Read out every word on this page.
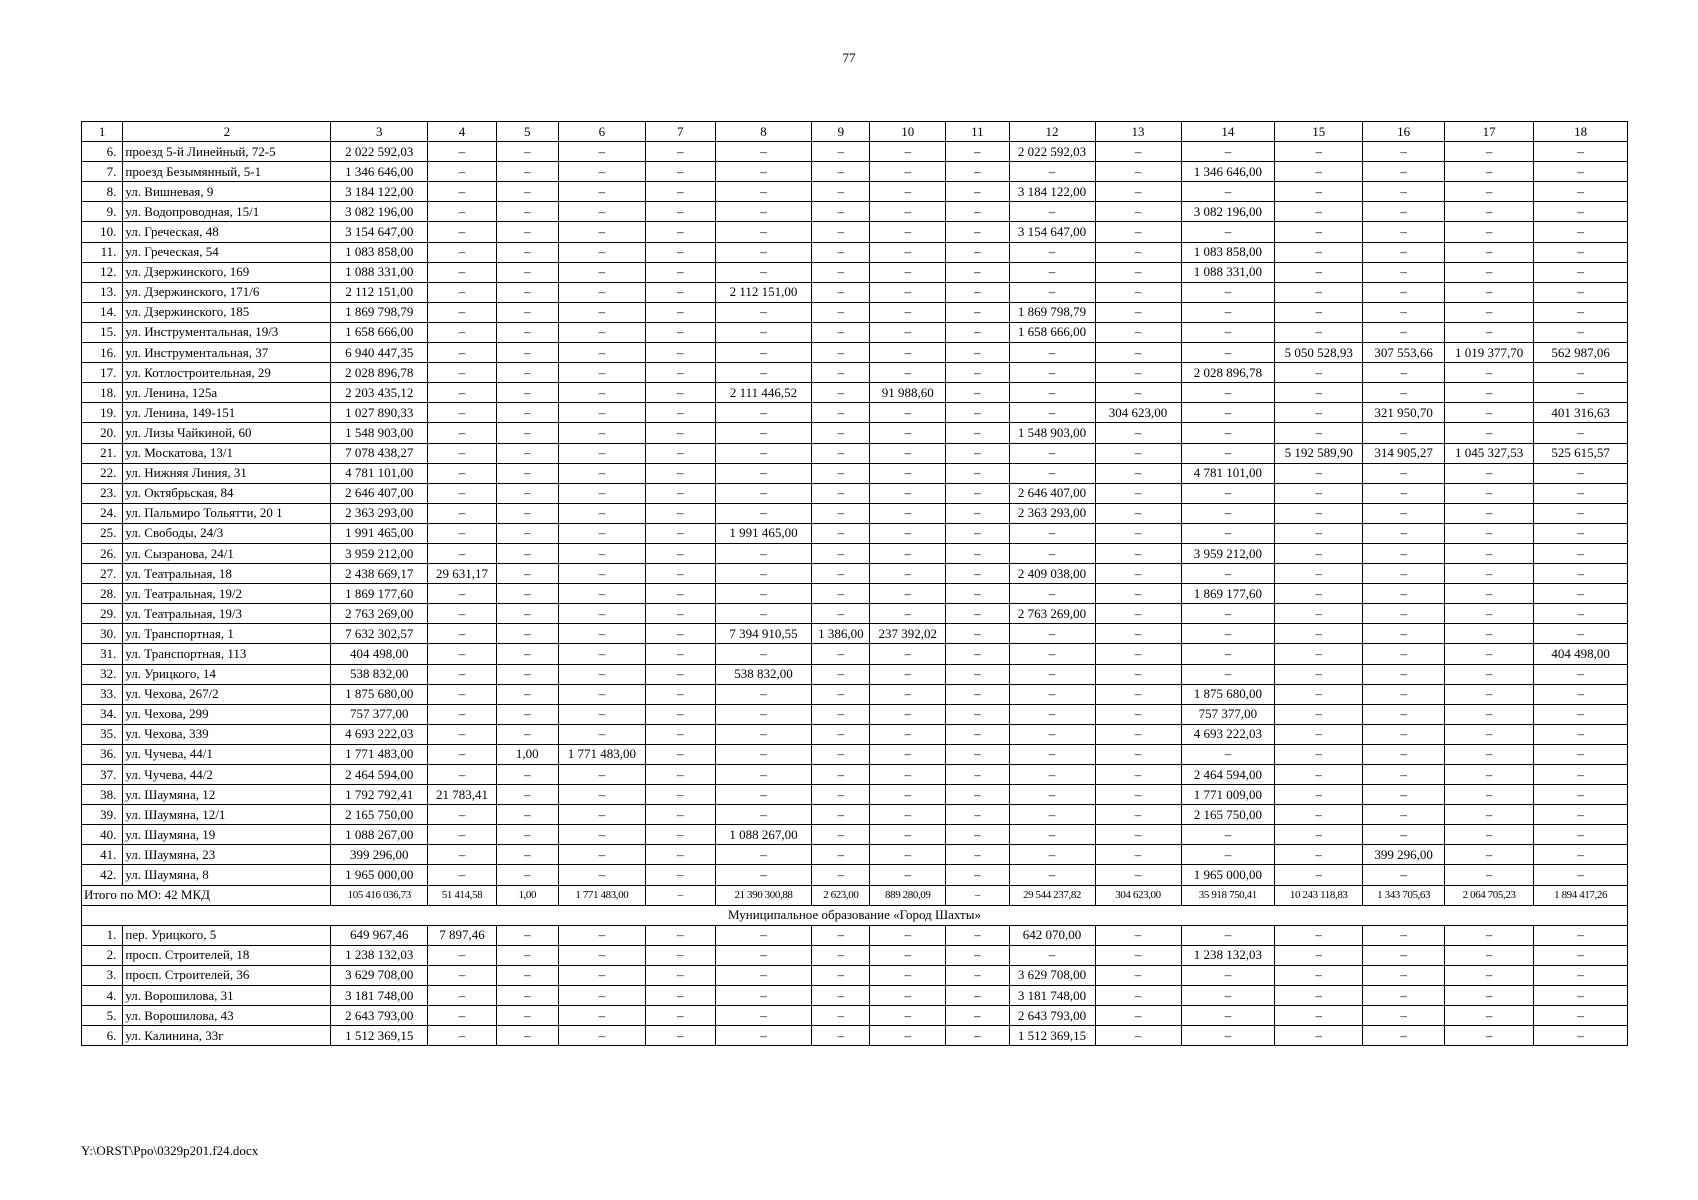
77
1	2	3	4	5	6	7	8	9	10	11	12	13	14	15	16	17	18
6.	проезд 5-й Линейный, 72-5	2 022 592,03	–	–	–	–	–	–	–	–	2 022 592,03	–	–	–	–	–	–
7.	проезд Безымянный, 5-1	1 346 646,00	–	–	–	–	–	–	–	–	–	–	1 346 646,00	–	–	–	–
8.	ул. Вишневая, 9	3 184 122,00	–	–	–	–	–	–	–	–	3 184 122,00	–	–	–	–	–	–
9.	ул. Водопроводная, 15/1	3 082 196,00	–	–	–	–	–	–	–	–	–	–	3 082 196,00	–	–	–	–
10.	ул. Греческая, 48	3 154 647,00	–	–	–	–	–	–	–	–	3 154 647,00	–	–	–	–	–	–
11.	ул. Греческая, 54	1 083 858,00	–	–	–	–	–	–	–	–	–	–	1 083 858,00	–	–	–	–
12.	ул. Дзержинского, 169	1 088 331,00	–	–	–	–	–	–	–	–	–	–	1 088 331,00	–	–	–	–
13.	ул. Дзержинского, 171/6	2 112 151,00	–	–	–	–	2 112 151,00	–	–	–	–	–	–	–	–	–	–
14.	ул. Дзержинского, 185	1 869 798,79	–	–	–	–	–	–	–	–	1 869 798,79	–	–	–	–	–	–
15.	ул. Инструментальная, 19/3	1 658 666,00	–	–	–	–	–	–	–	–	1 658 666,00	–	–	–	–	–	–
16.	ул. Инструментальная, 37	6 940 447,35	–	–	–	–	–	–	–	–	–	–	–	5 050 528,93	307 553,66	1 019 377,70	562 987,06
17.	ул. Котлостроительная, 29	2 028 896,78	–	–	–	–	–	–	–	–	–	–	2 028 896,78	–	–	–	–
18.	ул. Ленина, 125а	2 203 435,12	–	–	–	–	2 111 446,52	–	91 988,60	–	–	–	–	–	–	–	–
19.	ул. Ленина, 149-151	1 027 890,33	–	–	–	–	–	–	–	–	–	304 623,00	–	–	321 950,70	–	401 316,63
20.	ул. Лизы Чайкиной, 60	1 548 903,00	–	–	–	–	–	–	–	–	1 548 903,00	–	–	–	–	–	–
21.	ул. Москатова, 13/1	7 078 438,27	–	–	–	–	–	–	–	–	–	–	–	5 192 589,90	314 905,27	1 045 327,53	525 615,57
22.	ул. Нижняя Линия, 31	4 781 101,00	–	–	–	–	–	–	–	–	–	–	4 781 101,00	–	–	–	–
23.	ул. Октябрьская, 84	2 646 407,00	–	–	–	–	–	–	–	–	2 646 407,00	–	–	–	–	–	–
24.	ул. Пальмиро Тольятти, 20 1	2 363 293,00	–	–	–	–	–	–	–	–	2 363 293,00	–	–	–	–	–	–
25.	ул. Свободы, 24/3	1 991 465,00	–	–	–	–	1 991 465,00	–	–	–	–	–	–	–	–	–	–
26.	ул. Сызранова, 24/1	3 959 212,00	–	–	–	–	–	–	–	–	–	–	3 959 212,00	–	–	–	–
27.	ул. Театральная, 18	2 438 669,17	29 631,17	–	–	–	–	–	–	–	2 409 038,00	–	–	–	–	–	–
28.	ул. Театральная, 19/2	1 869 177,60	–	–	–	–	–	–	–	–	–	–	1 869 177,60	–	–	–	–
29.	ул. Театральная, 19/3	2 763 269,00	–	–	–	–	–	–	–	–	2 763 269,00	–	–	–	–	–	–
30.	ул. Транспортная, 1	7 632 302,57	–	–	–	–	7 394 910,55	1 386,00	237 392,02	–	–	–	–	–	–	–	–
31.	ул. Транспортная, 113	404 498,00	–	–	–	–	–	–	–	–	–	–	–	–	–	–	404 498,00
32.	ул. Урицкого, 14	538 832,00	–	–	–	–	538 832,00	–	–	–	–	–	–	–	–	–	–
33.	ул. Чехова, 267/2	1 875 680,00	–	–	–	–	–	–	–	–	–	–	1 875 680,00	–	–	–	–
34.	ул. Чехова, 299	757 377,00	–	–	–	–	–	–	–	–	–	–	757 377,00	–	–	–	–
35.	ул. Чехова, 339	4 693 222,03	–	–	–	–	–	–	–	–	–	–	4 693 222,03	–	–	–	–
36.	ул. Чучева, 44/1	1 771 483,00	–	1,00	1 771 483,00	–	–	–	–	–	–	–	–	–	–	–	–
37.	ул. Чучева, 44/2	2 464 594,00	–	–	–	–	–	–	–	–	–	–	2 464 594,00	–	–	–	–
38.	ул. Шаумяна, 12	1 792 792,41	21 783,41	–	–	–	–	–	–	–	–	–	1 771 009,00	–	–	–	–
39.	ул. Шаумяна, 12/1	2 165 750,00	–	–	–	–	–	–	–	–	–	–	2 165 750,00	–	–	–	–
40.	ул. Шаумяна, 19	1 088 267,00	–	–	–	–	1 088 267,00	–	–	–	–	–	–	–	–	–	–
41.	ул. Шаумяна, 23	399 296,00	–	–	–	–	–	–	–	–	–	–	–	–	399 296,00	–	–
42.	ул. Шаумяна, 8	1 965 000,00	–	–	–	–	–	–	–	–	–	–	1 965 000,00	–	–	–	–
Итого по МО: 42 МКД		105 416 036,73	51 414,58	1,00	1 771 483,00	–	21 390 300,88	2 623,00	889 280,09	–	29 544 237,82	304 623,00	35 918 750,41	10 243 118,83	1 343 705,63	2 064 705,23	1 894 417,26
Муниципальное образование «Город Шахты»																	
1.	пер. Урицкого, 5	649 967,46	7 897,46	–	–	–	–	–	–	–	642 070,00	–	–	–	–	–	–
2.	просп. Строителей, 18	1 238 132,03	–	–	–	–	–	–	–	–	–	–	1 238 132,03	–	–	–	–
3.	просп. Строителей, 36	3 629 708,00	–	–	–	–	–	–	–	–	3 629 708,00	–	–	–	–	–	–
4.	ул. Ворошилова, 31	3 181 748,00	–	–	–	–	–	–	–	–	3 181 748,00	–	–	–	–	–	–
5.	ул. Ворошилова, 43	2 643 793,00	–	–	–	–	–	–	–	–	2 643 793,00	–	–	–	–	–	–
6.	ул. Калинина, 33г	1 512 369,15	–	–	–	–	–	–	–	–	1 512 369,15	–	–	–	–	–	–
Y:\ORST\Ppo\0329p201.f24.docx
